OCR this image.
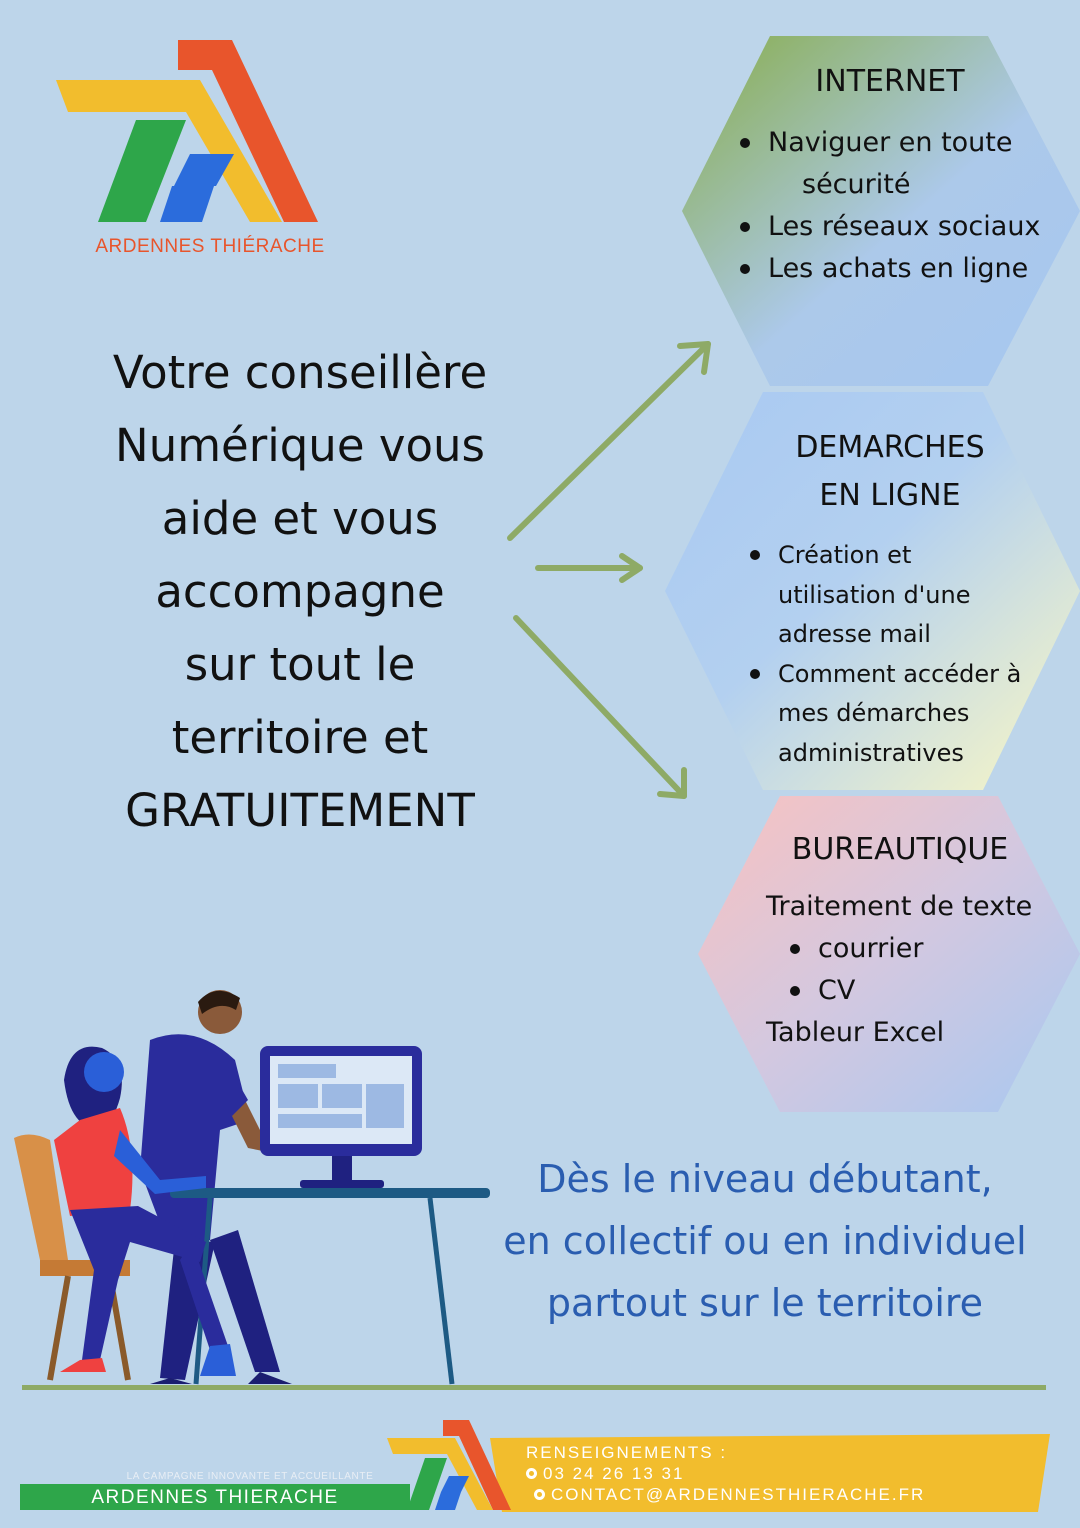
ARDENNES THIÉRACHE
Votre conseillère
Numérique vous
aide et vous
accompagne
sur tout le
territoire et
GRATUITEMENT
INTERNET
Naviguer en toute
sécurité
Les réseaux sociaux
Les achats en ligne
DEMARCHES
EN LIGNE
Création et
utilisation d'une
adresse mail
Comment accéder à
mes démarches
administratives
BUREAUTIQUE
Traitement de texte
courrier
CV
Tableur Excel
Dès le niveau débutant,
en collectif ou en individuel
partout sur le territoire
LA CAMPAGNE INNOVANTE ET ACCUEILLANTE
ARDENNES THIERACHE
RENSEIGNEMENTS :
03 24 26 13 31
CONTACT@ARDENNESTHIERACHE.FR
